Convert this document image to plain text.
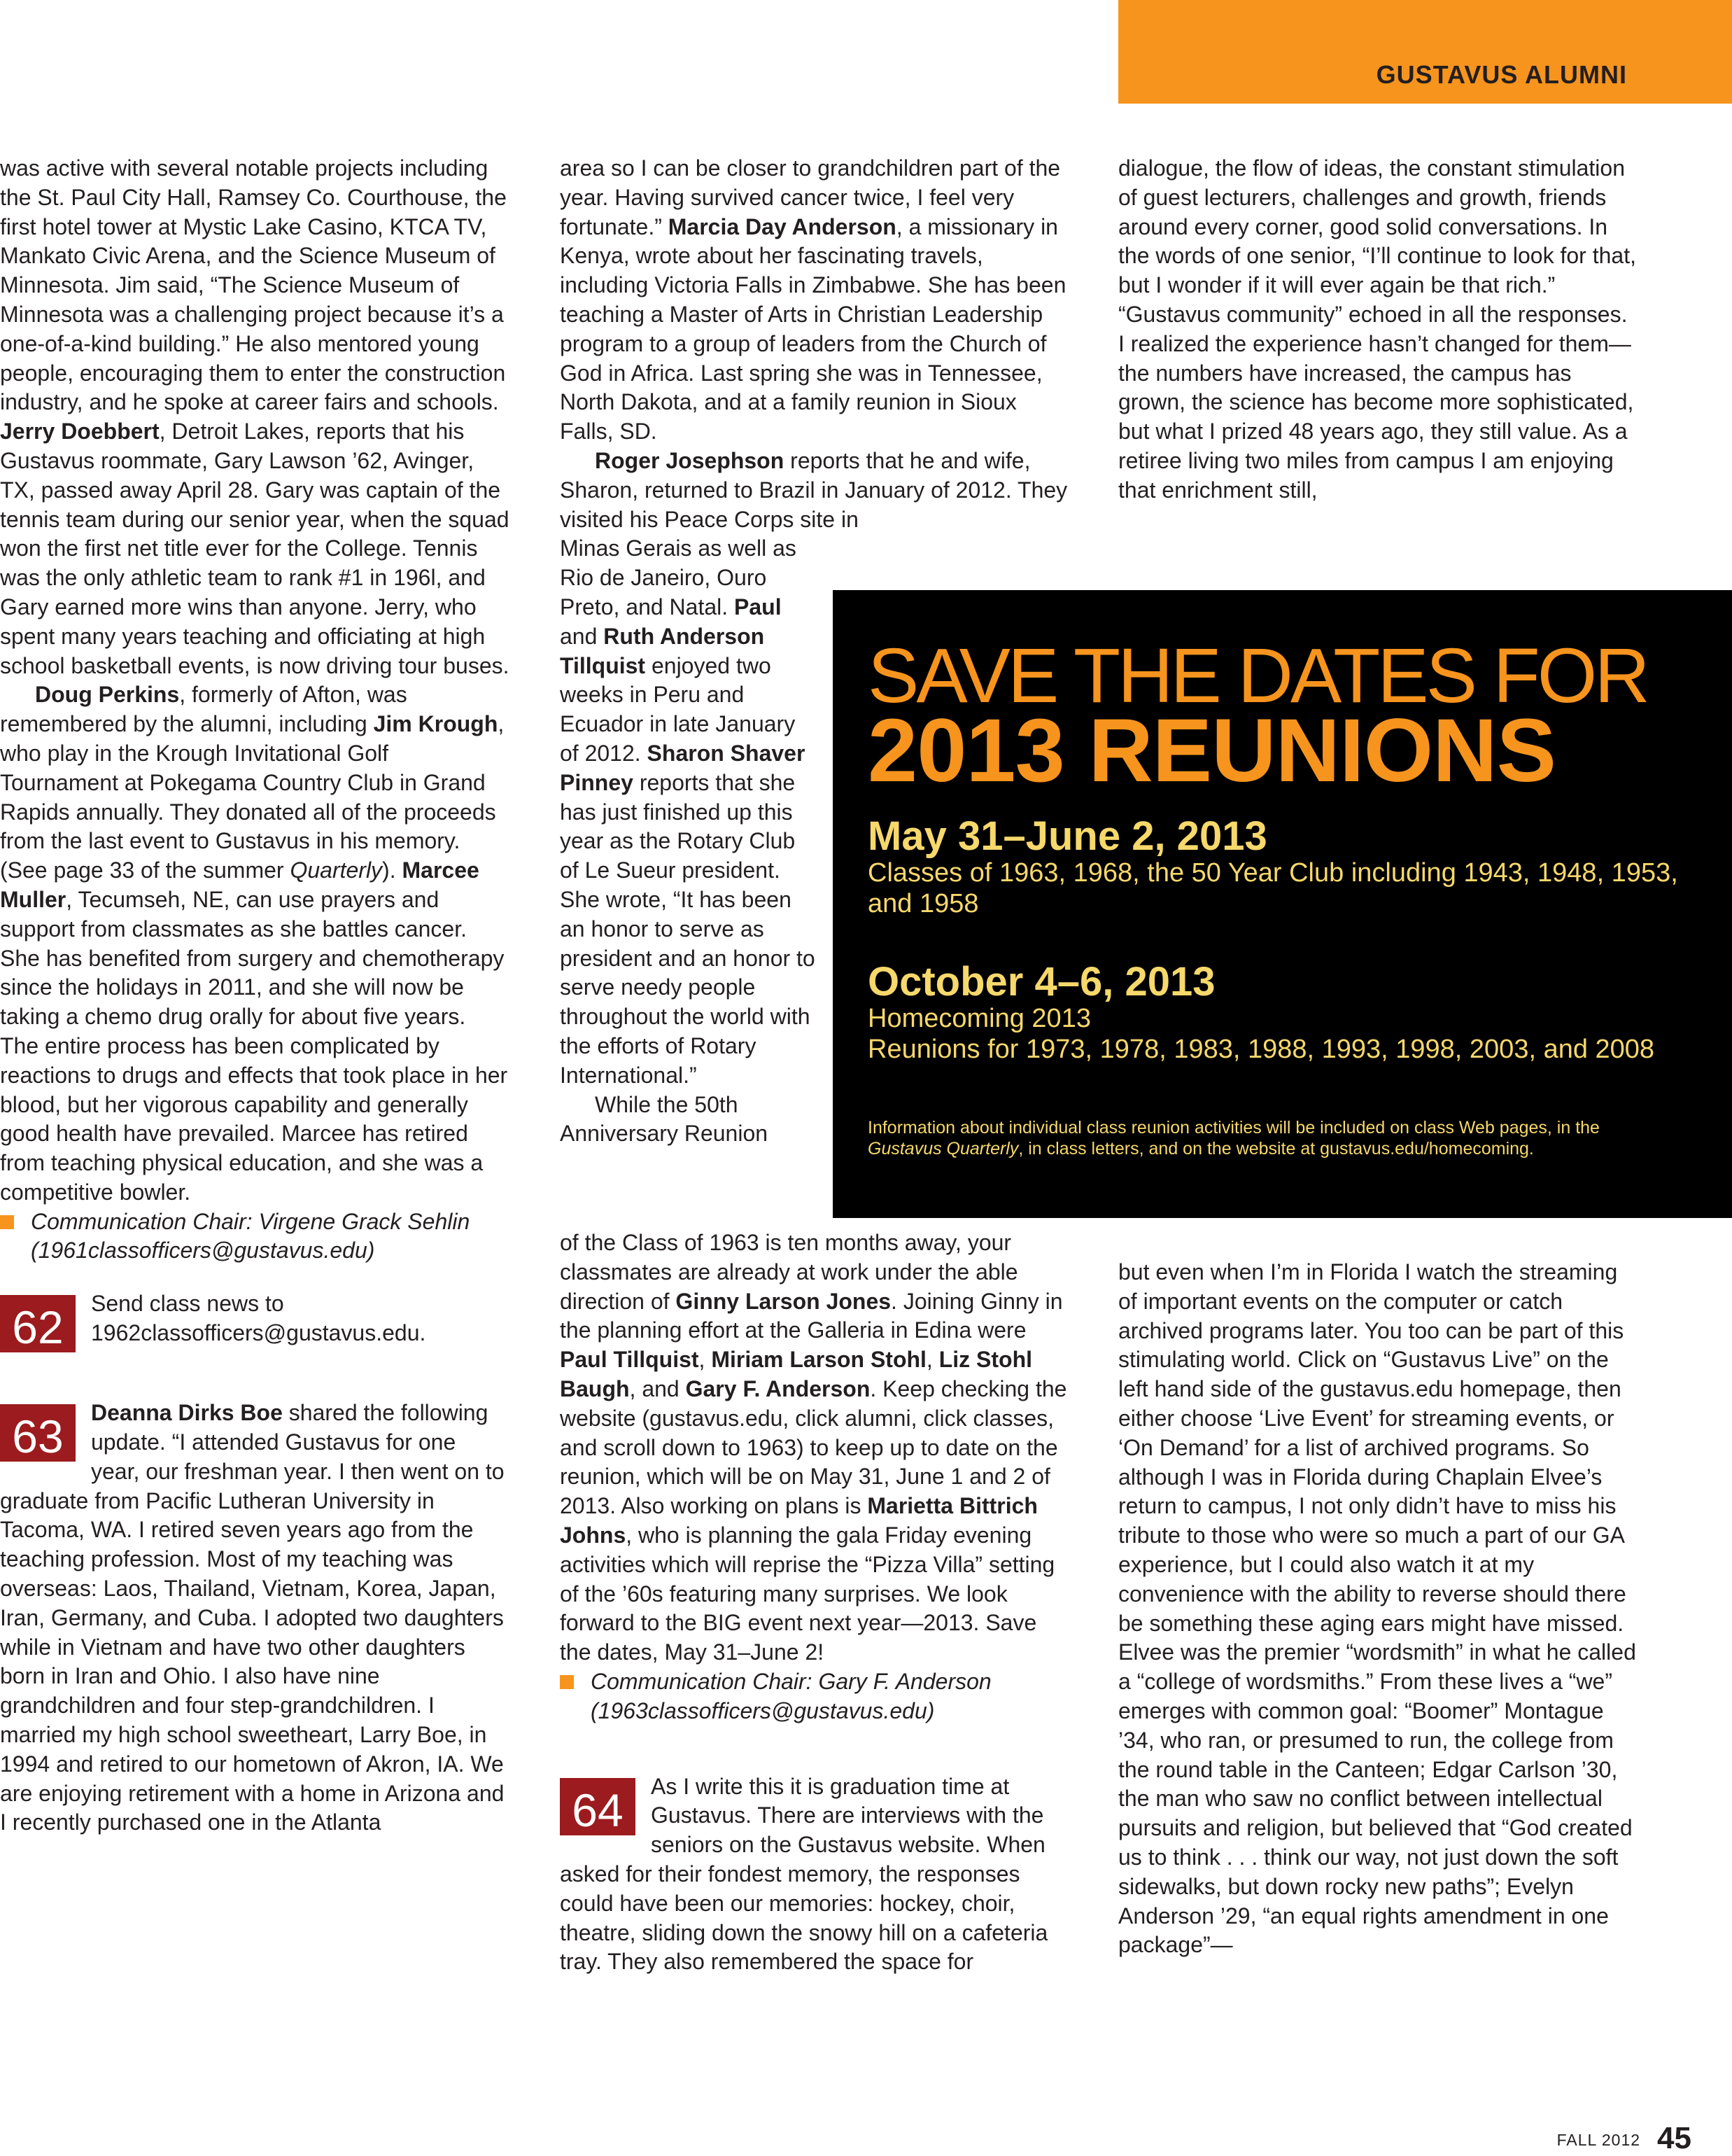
GUSTAVUS ALUMNI

was active with several notable projects including the St. Paul City Hall, Ramsey Co. Courthouse, the first hotel tower at Mystic Lake Casino, KTCA TV, Mankato Civic Arena, and the Science Museum of Minnesota. Jim said, “The Science Museum of Minnesota was a challenging project because it’s a one-of-a-kind building.” He also mentored young people, encouraging them to enter the construction industry, and he spoke at career fairs and schools. Jerry Doebbert, Detroit Lakes, reports that his Gustavus roommate, Gary Lawson ’62, Avinger, TX, passed away April 28. Gary was captain of the tennis team during our senior year, when the squad won the first net title ever for the College. Tennis was the only athletic team to rank #1 in 196l, and Gary earned more wins than anyone. Jerry, who spent many years teaching and officiating at high school basketball events, is now driving tour buses.

Doug Perkins, formerly of Afton, was remembered by the alumni, including Jim Krough, who play in the Krough Invitational Golf Tournament at Pokegama Country Club in Grand Rapids annually. They donated all of the proceeds from the last event to Gustavus in his memory. (See page 33 of the summer Quarterly). Marcee Muller, Tecumseh, NE, can use prayers and support from classmates as she battles cancer. She has benefited from surgery and chemotherapy since the holidays in 2011, and she will now be taking a chemo drug orally for about five years. The entire process has been complicated by reactions to drugs and effects that took place in her blood, but her vigorous capability and generally good health have prevailed. Marcee has retired from teaching physical education, and she was a competitive bowler.

Communication Chair: Virgene Grack Sehlin (1961classofficers@gustavus.edu)

62	Send class news to 1962classofficers@gustavus.edu.

63	Deanna Dirks Boe shared the following update. “I attended Gustavus for one year, our freshman year. I then went on to graduate from Pacific Lutheran University in Tacoma, WA. I retired seven years ago from the teaching profession. Most of my teaching was overseas: Laos, Thailand, Vietnam, Korea, Japan, Iran, Germany, and Cuba. I adopted two daughters while in Vietnam and have two other daughters born in Iran and Ohio. I also have nine grandchildren and four step-grandchildren. I married my high school sweetheart, Larry Boe, in 1994 and retired to our hometown of Akron, IA. We are enjoying retirement with a home in Arizona and I recently purchased one in the Atlanta

area so I can be closer to grandchildren part of the year. Having survived cancer twice, I feel very fortunate.” Marcia Day Anderson, a missionary in Kenya, wrote about her fascinating travels, including Victoria Falls in Zimbabwe. She has been teaching a Master of Arts in Christian Leadership program to a group of leaders from the Church of God in Africa. Last spring she was in Tennessee, North Dakota, and at a family reunion in Sioux Falls, SD.

Roger Josephson reports that he and wife, Sharon, returned to Brazil in January of 2012. They visited his Peace Corps site in

Minas Gerais as well as Rio de Janeiro, Ouro Preto, and Natal. Paul and Ruth Anderson Tillquist enjoyed two weeks in Peru and Ecuador in late January of 2012. Sharon Shaver Pinney reports that she has just finished up this year as the Rotary Club of Le Sueur president. She wrote, “It has been an honor to serve as president and an honor to serve needy people throughout the world with the efforts of Rotary International.”

While the 50th Anniversary Reunion

of the Class of 1963 is ten months away, your classmates are already at work under the able direction of Ginny Larson Jones. Joining Ginny in the planning effort at the Galleria in Edina were Paul Tillquist, Miriam Larson Stohl, Liz Stohl Baugh, and Gary F. Anderson. Keep checking the website (gustavus.edu, click alumni, click classes, and scroll down to 1963) to keep up to date on the reunion, which will be on May 31, June 1 and 2 of 2013. Also working on plans is Marietta Bittrich Johns, who is planning the gala Friday evening activities which will reprise the “Pizza Villa” setting of the ’60s featuring many surprises. We look forward to the BIG event next year—2013. Save the dates, May 31–June 2!

Communication Chair: Gary F. Anderson (1963classofficers@gustavus.edu)

64	As I write this it is graduation time at Gustavus. There are interviews with the seniors on the Gustavus website. When asked for their fondest memory, the responses could have been our memories: hockey, choir, theatre, sliding down the snowy hill on a cafeteria tray. They also remembered the space for

dialogue, the flow of ideas, the constant stimulation of guest lecturers, challenges and growth, friends around every corner, good solid conversations. In the words of one senior, “I’ll continue to look for that, but I wonder if it will ever again be that rich.” “Gustavus community” echoed in all the responses. I realized the experience hasn’t changed for them—the numbers have increased, the campus has grown, the science has become more sophisticated, but what I prized 48 years ago, they still value. As a retiree living two miles from campus I am enjoying that enrichment still,

but even when I’m in Florida I watch the streaming of important events on the computer or catch archived programs later. You too can be part of this stimulating world. Click on “Gustavus Live” on the left hand side of the gustavus.edu homepage, then either choose ‘Live Event’ for streaming events, or ‘On Demand’ for a list of archived programs. So although I was in Florida during Chaplain Elvee’s return to campus, I not only didn’t have to miss his tribute to those who were so much a part of our GA experience, but I could also watch it at my convenience with the ability to reverse should there be something these aging ears might have missed. Elvee was the premier “wordsmith” in what he called a “college of wordsmiths.” From these lives a “we” emerges with common goal: “Boomer” Montague ’34, who ran, or presumed to run, the college from the round table in the Canteen; Edgar Carlson ’30, the man who saw no conflict between intellectual pursuits and religion, but believed that “God created us to think . . . think our way, not just down the soft sidewalks, but down rocky new paths”; Evelyn Anderson ’29, “an equal rights amendment in one package”—

SAVE THE DATES FOR
2013 REUNIONS

May 31–June 2, 2013

Classes of 1963, 1968, the 50 Year Club including 1943, 1948, 1953, and 1958

October 4–6, 2013

Homecoming 2013

Reunions for 1973, 1978, 1983, 1988, 1993, 1998, 2003, and 2008

Information about individual class reunion activities will be included on class Web pages, in the Gustavus Quarterly, in class letters, and on the website at gustavus.edu/homecoming.

FALL 2012 45
